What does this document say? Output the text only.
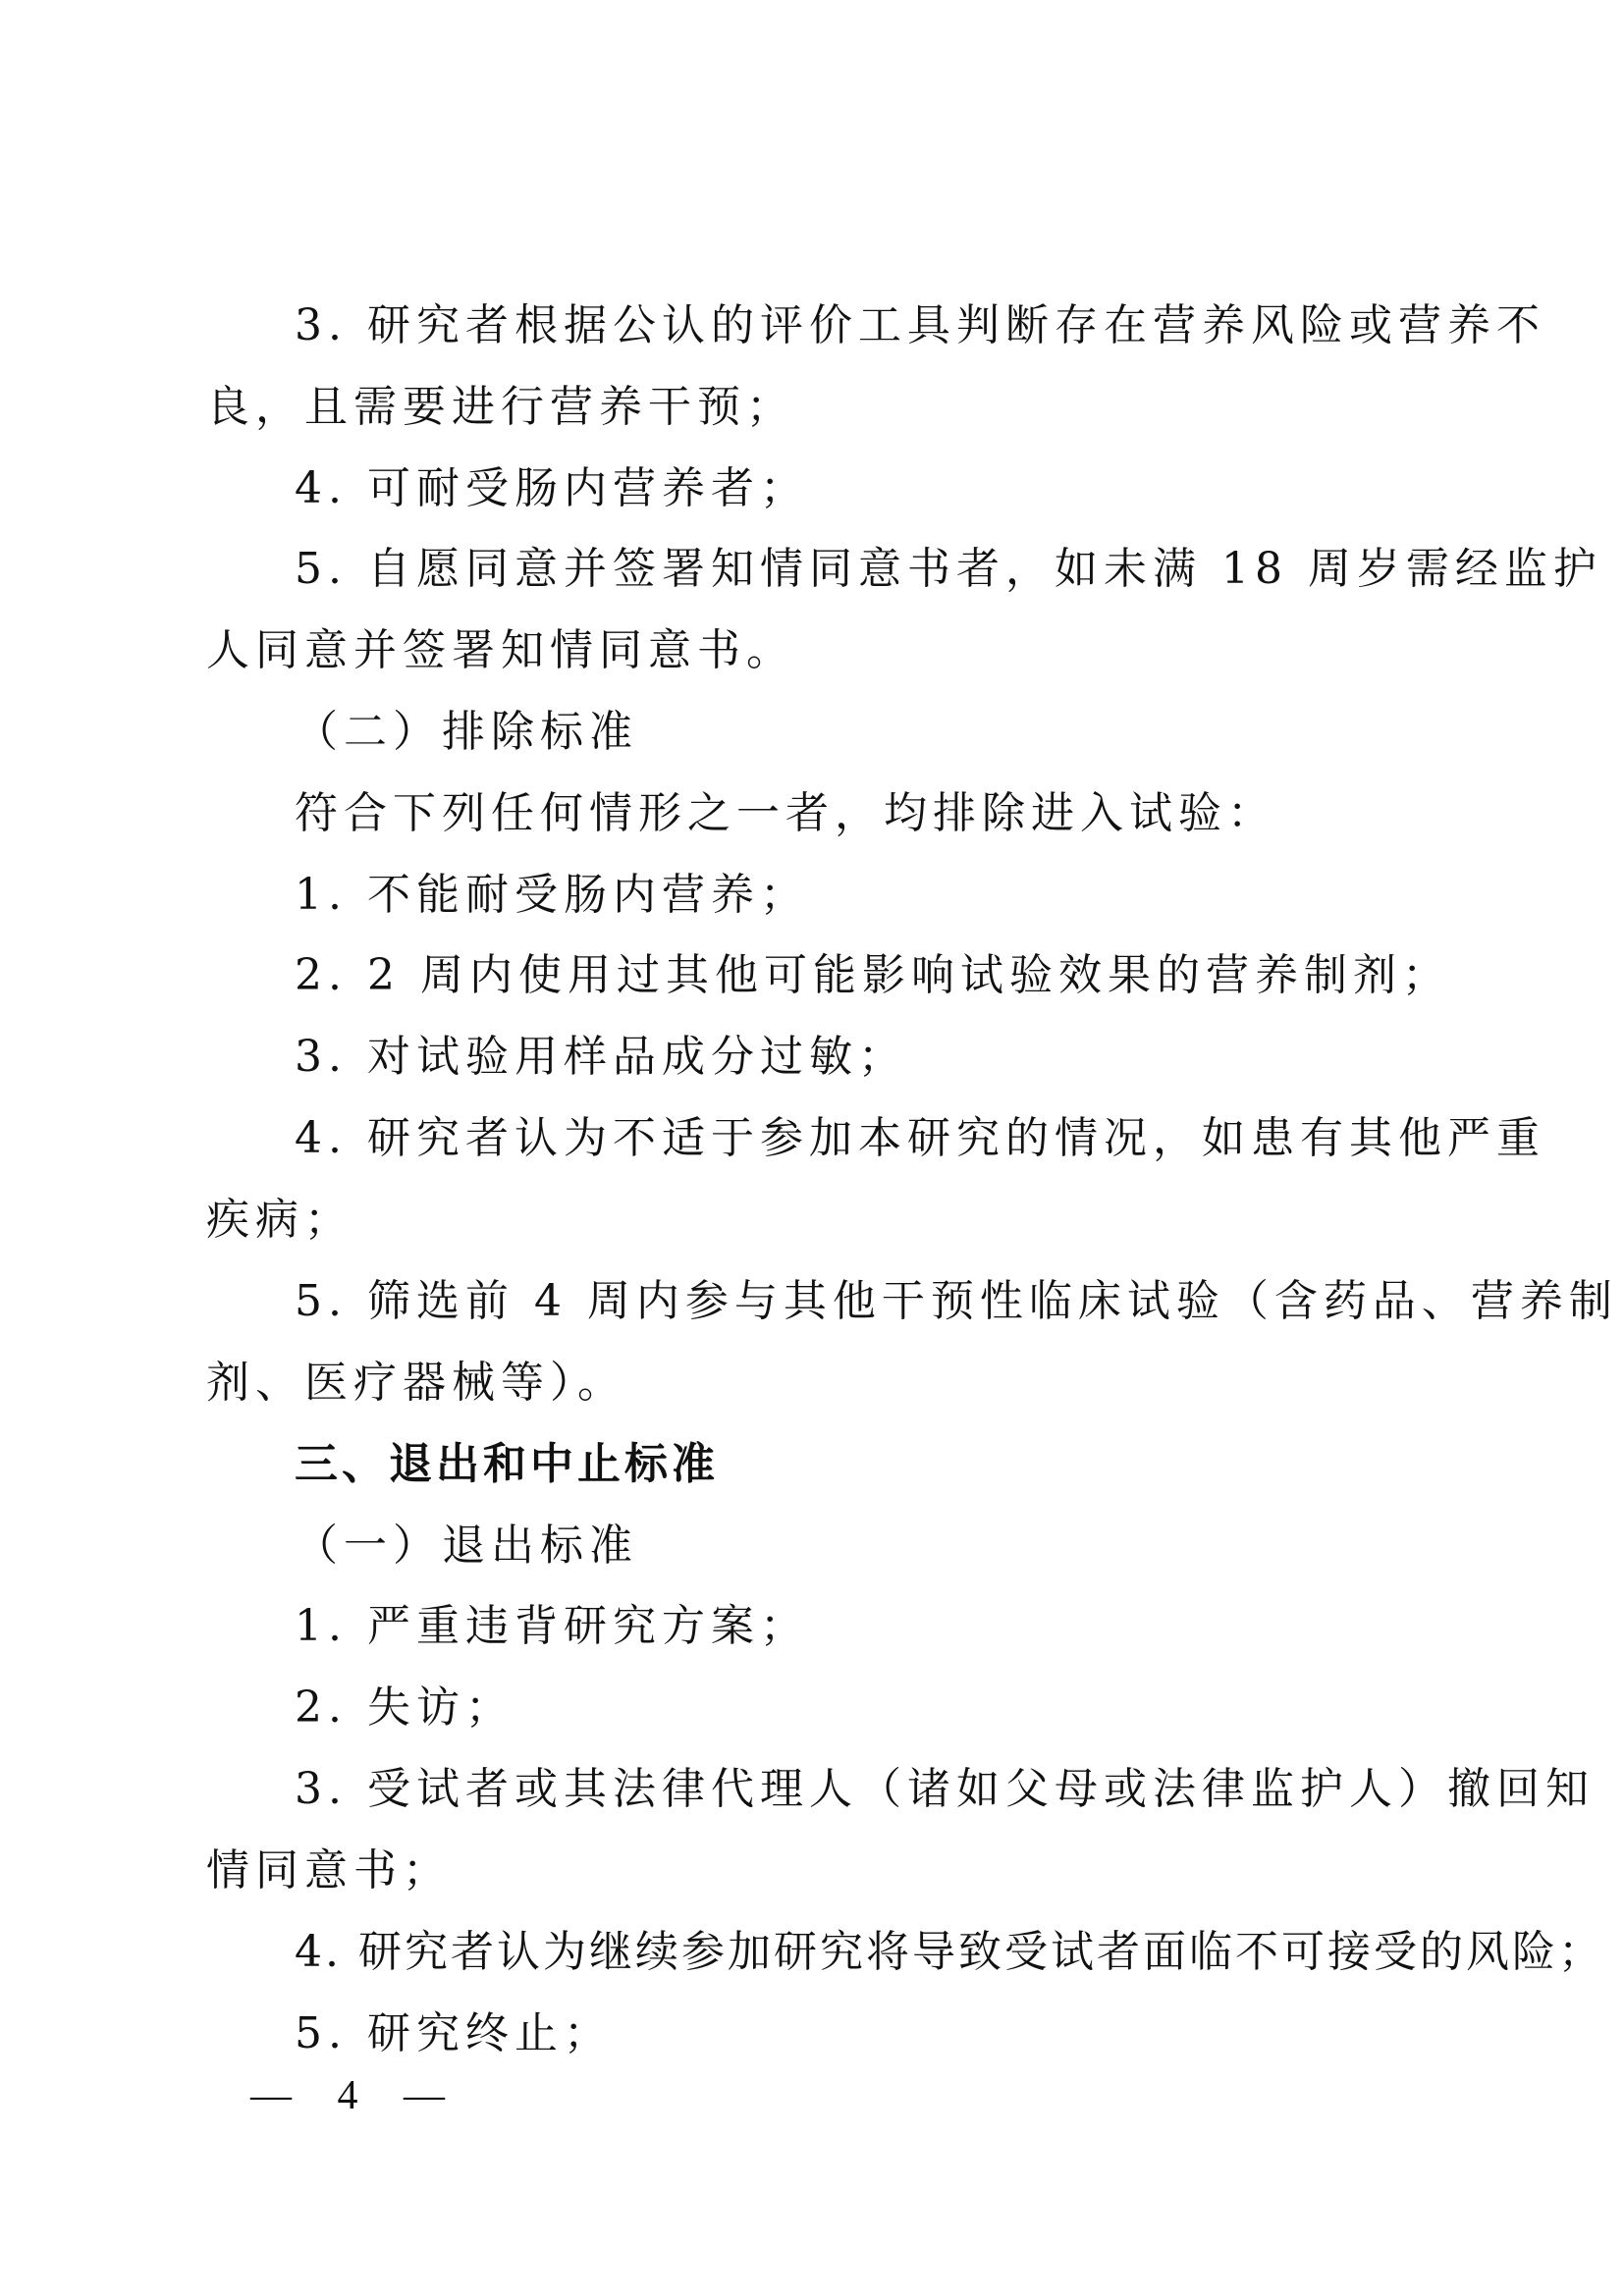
3. 研究者根据公认的评价工具判断存在营养风险或营养不
良，且需要进行营养干预；
4. 可耐受肠内营养者；
5. 自愿同意并签署知情同意书者，如未满 18 周岁需经监护
人同意并签署知情同意书。
（二）排除标准
符合下列任何情形之一者，均排除进入试验：
1. 不能耐受肠内营养；
2. 2 周内使用过其他可能影响试验效果的营养制剂；
3. 对试验用样品成分过敏；
4. 研究者认为不适于参加本研究的情况，如患有其他严重
疾病；
5. 筛选前 4 周内参与其他干预性临床试验（含药品、营养制
剂、医疗器械等）。
三、退出和中止标准
（一）退出标准
1. 严重违背研究方案；
2. 失访；
3. 受试者或其法律代理人（诸如父母或法律监护人）撤回知
情同意书；
4. 研究者认为继续参加研究将导致受试者面临不可接受的风险；
5. 研究终止；
— 4 —
